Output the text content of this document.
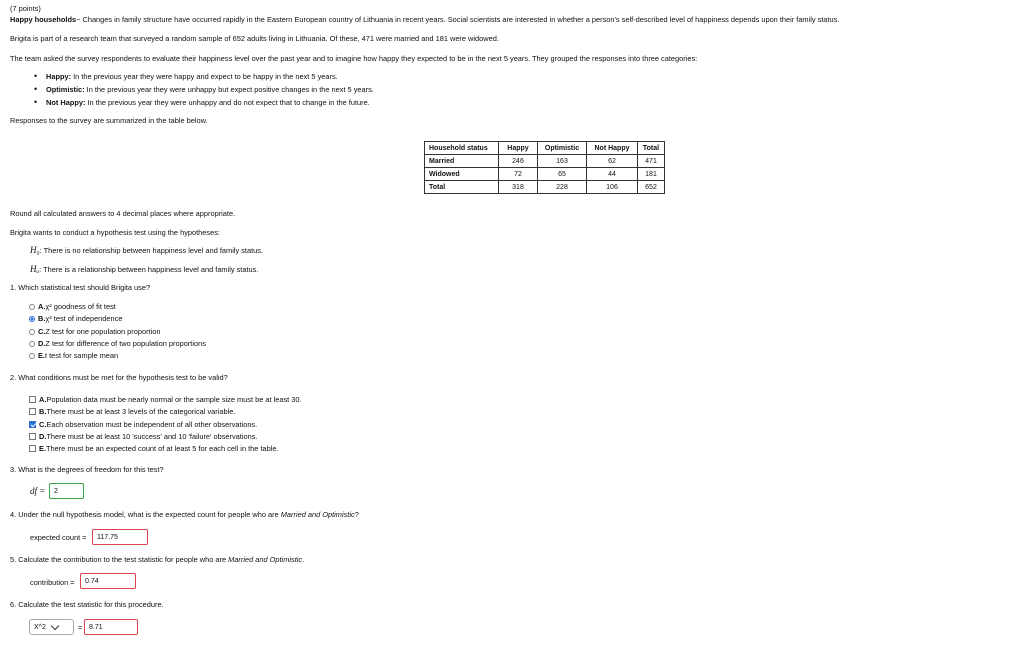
(7 points)
Happy households~ Changes in family structure have occurred rapidly in the Eastern European country of Lithuania in recent years. Social scientists are interested in whether a person's self-described level of happiness depends upon their family status.
Brigita is part of a research team that surveyed a random sample of 652 adults living in Lithuania. Of these, 471 were married and 181 were widowed.
The team asked the survey respondents to evaluate their happiness level over the past year and to imagine how happy they expected to be in the next 5 years. They grouped the responses into three categories:
• Happy: In the previous year they were happy and expect to be happy in the next 5 years.
• Optimistic: In the previous year they were unhappy but expect positive changes in the next 5 years.
• Not Happy: In the previous year they were unhappy and do not expect that to change in the future.
Responses to the survey are summarized in the table below.
Household status	Happy	Optimistic	Not Happy	Total
Married	246	163	62	471
Widowed	72	65	44	181
Total	318	228	106	652
Round all calculated answers to 4 decimal places where appropriate.
Brigita wants to conduct a hypothesis test using the hypotheses:
H₀: There is no relationship between happiness level and family status.
Hₐ: There is a relationship between happiness level and family status.
1. Which statistical test should Brigita use?
A. χ² goodness of fit test
B. χ² test of independence
C. Z test for one population proportion
D. Z test for difference of two population proportions
E. t test for sample mean
2. What conditions must be met for the hypothesis test to be valid?
A. Population data must be nearly normal or the sample size must be at least 30.
B. There must be at least 3 levels of the categorical variable.
C. Each observation must be independent of all other observations.
D. There must be at least 10 'success' and 10 'failure' observations.
E. There must be an expected count of at least 5 for each cell in the table.
3. What is the degrees of freedom for this test?
df =	2
4. Under the null hypothesis model, what is the expected count for people who are Married and Optimistic?
expected count =	117.75
5. Calculate the contribution to the test statistic for people who are Married and Optimistic.
contribution =	0.74
6. Calculate the test statistic for this procedure.
X^2	= 8.71
